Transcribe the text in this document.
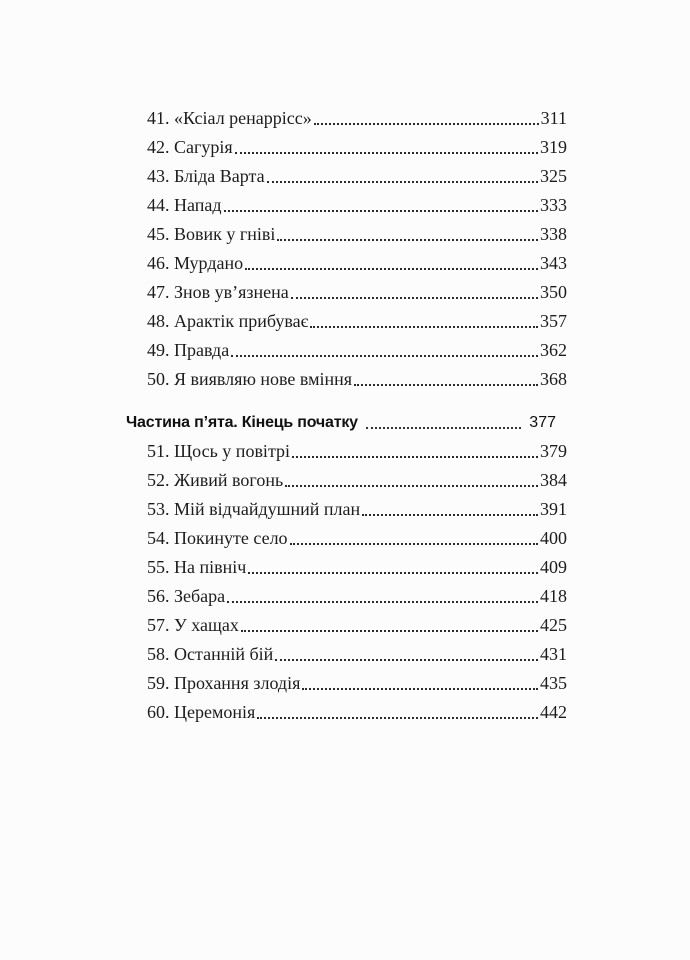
41. «Ксіал ренаррісс»	311
42. Сагурія	319
43. Бліда Варта	325
44. Напад	333
45. Вовик у гніві	338
46. Мурдано	343
47. Знов ув’язнена	350
48. Арактік прибуває	357
49. Правда	362
50. Я виявляю нове вміння	368
Частина п’ята. Кінець початку	377
51. Щось у повітрі	379
52. Живий вогонь	384
53. Мій відчайдушний план	391
54. Покинуте село	400
55. На північ	409
56. Зебара	418
57. У хащах	425
58. Останній бій	431
59. Прохання злодія	435
60. Церемонія	442
